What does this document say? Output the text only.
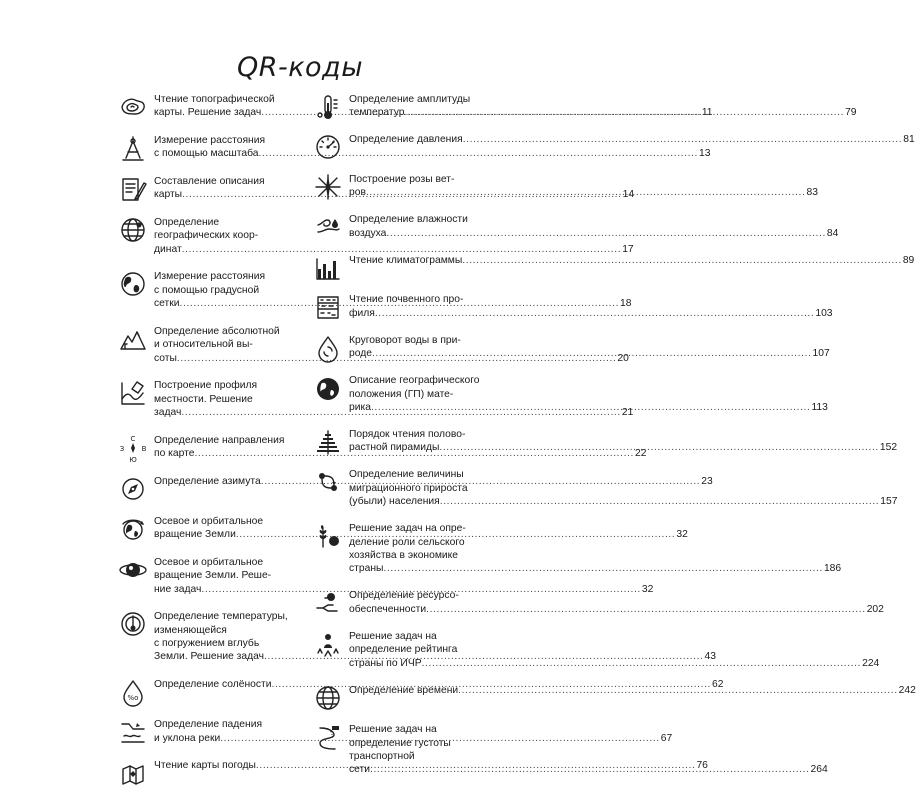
QR-коды
Чтение топографической
карты. Решение задач .....	11
Измерение расстояния
с помощью масштаба .....	13
Составление описания
карты .....	14
Определение
географических коор-
динат .....	17
Измерение расстояния
с помощью градусной
сетки .....	18
Определение абсолютной
и относительной вы-
соты .....	20
Построение профиля
местности. Решение
задач .....	21
С
Ю
З В
Определение направления
по карте .....	22
Определение азимута .....	23
Осевое и орбитальное
вращение Земли .....	32
Осевое и орбитальное
вращение Земли. Реше-
ние задач .....	32
Определение температуры,
изменяющейся
с погружением вглубь
Земли. Решение задач .....	43
%o
Определение солёности .....	62
Определение падения
и уклона реки .....	67
Чтение карты погоды .....	76
Определение амплитуды
температур .....	79
Определение давления .....	81
Построение розы вет-
ров .....	83
Определение влажности
воздуха .....	84
Чтение климатограммы .....	89
Чтение почвенного про-
филя .....	103
Круговорот воды в при-
роде .....	107
Описание географического
положения (ГП) мате-
рика .....	113
Порядок чтения полово-
растной пирамиды .....	152
Определение величины
миграционного прироста
(убыли) населения .....	157
Решение задач на опре-
деление роли сельского
хозяйства в экономике
страны .....	186
Определение ресурсо-
обеспеченности .....	202
Решение задач на
определение рейтинга
страны по ИЧР .....	224
Определение времени .....	242
Решение задач на
определение густоты
транспортной
сети .....	264
